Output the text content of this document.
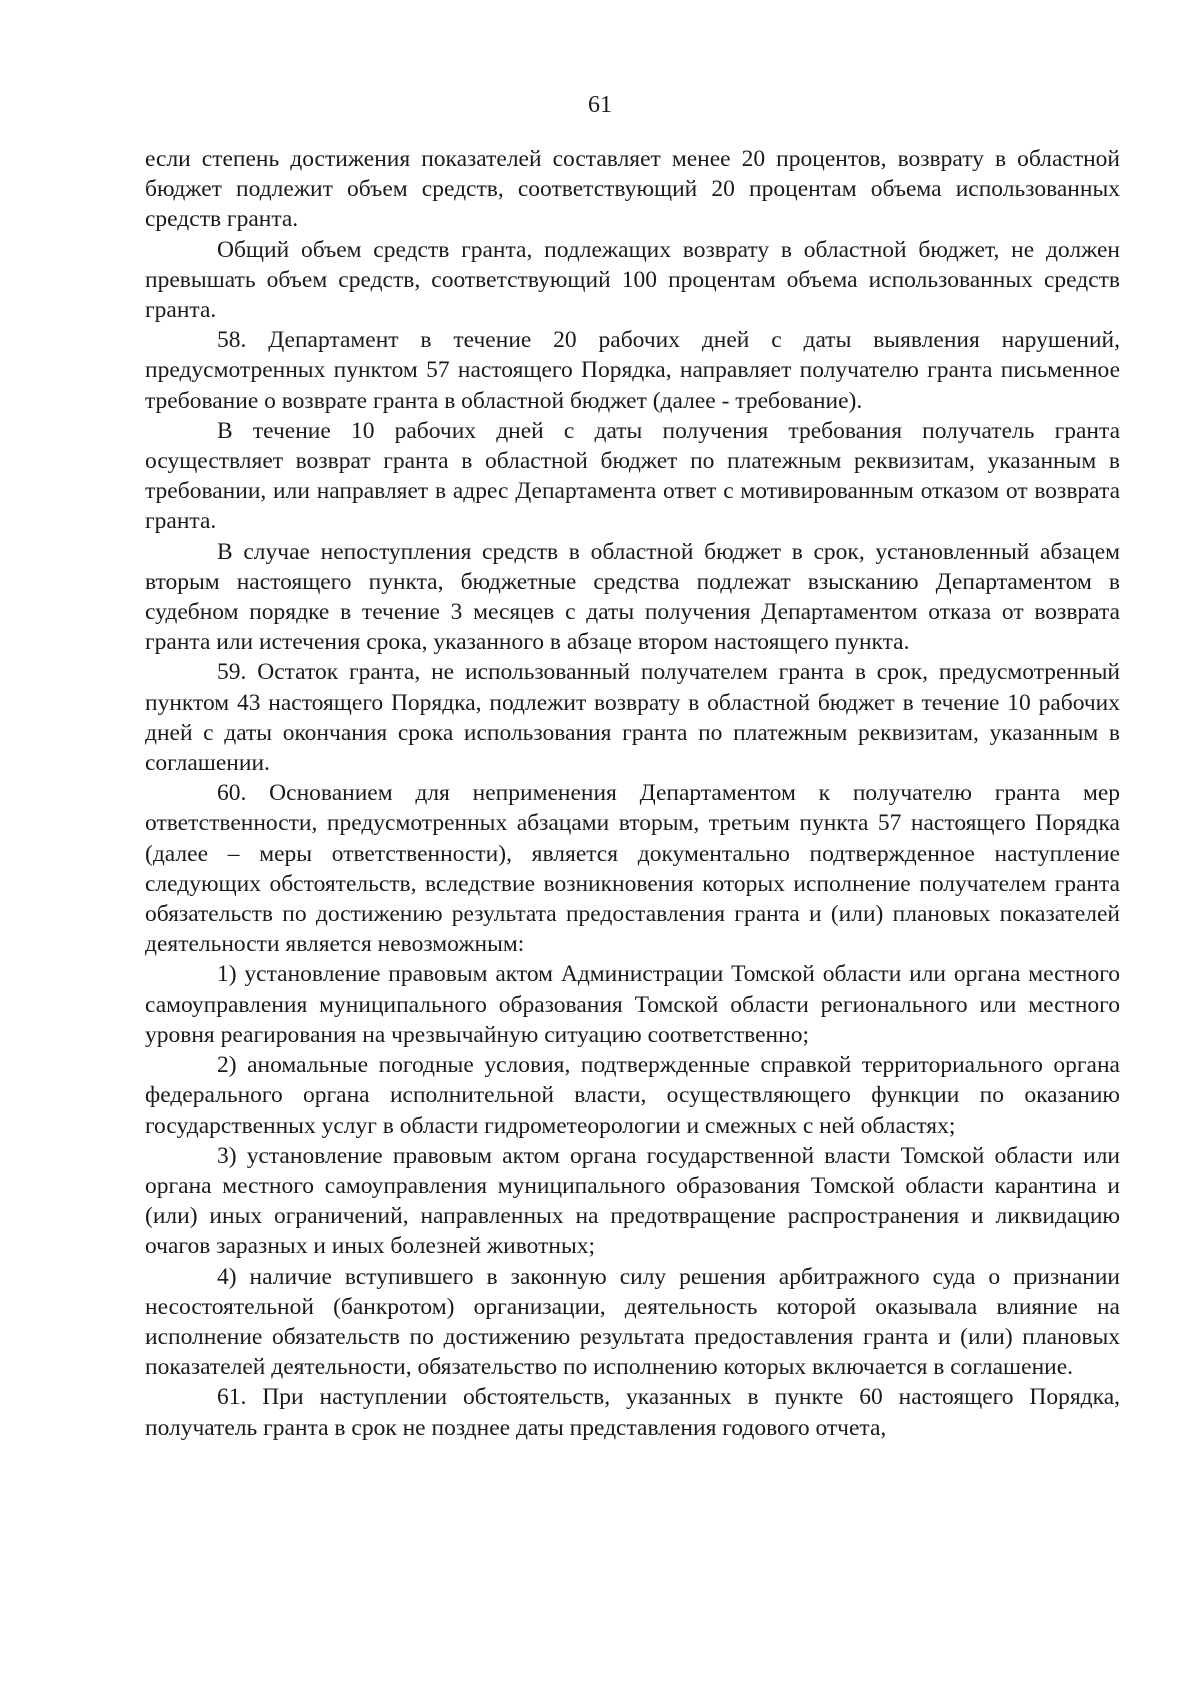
61

если степень достижения показателей составляет менее 20 процентов, возврату в областной бюджет подлежит объем средств, соответствующий 20 процентам объема использованных средств гранта.

Общий объем средств гранта, подлежащих возврату в областной бюджет, не должен превышать объем средств, соответствующий 100 процентам объема использованных средств гранта.

58. Департамент в течение 20 рабочих дней с даты выявления нарушений, предусмотренных пунктом 57 настоящего Порядка, направляет получателю гранта письменное требование о возврате гранта в областной бюджет (далее - требование).

В течение 10 рабочих дней с даты получения требования получатель гранта осуществляет возврат гранта в областной бюджет по платежным реквизитам, указанным в требовании, или направляет в адрес Департамента ответ с мотивированным отказом от возврата гранта.

В случае непоступления средств в областной бюджет в срок, установленный абзацем вторым настоящего пункта, бюджетные средства подлежат взысканию Департаментом в судебном порядке в течение 3 месяцев с даты получения Департаментом отказа от возврата гранта или истечения срока, указанного в абзаце втором настоящего пункта.

59. Остаток гранта, не использованный получателем гранта в срок, предусмотренный пунктом 43 настоящего Порядка, подлежит возврату в областной бюджет в течение 10 рабочих дней с даты окончания срока использования гранта по платежным реквизитам, указанным в соглашении.

60. Основанием для неприменения Департаментом к получателю гранта мер ответственности, предусмотренных абзацами вторым, третьим пункта 57 настоящего Порядка (далее – меры ответственности), является документально подтвержденное наступление следующих обстоятельств, вследствие возникновения которых исполнение получателем гранта обязательств по достижению результата предоставления гранта и (или) плановых показателей деятельности является невозможным:

1) установление правовым актом Администрации Томской области или органа местного самоуправления муниципального образования Томской области регионального или местного уровня реагирования на чрезвычайную ситуацию соответственно;

2) аномальные погодные условия, подтвержденные справкой территориального органа федерального органа исполнительной власти, осуществляющего функции по оказанию государственных услуг в области гидрометеорологии и смежных с ней областях;

3) установление правовым актом органа государственной власти Томской области или органа местного самоуправления муниципального образования Томской области карантина и (или) иных ограничений, направленных на предотвращение распространения и ликвидацию очагов заразных и иных болезней животных;

4) наличие вступившего в законную силу решения арбитражного суда о признании несостоятельной (банкротом) организации, деятельность которой оказывала влияние на исполнение обязательств по достижению результата предоставления гранта и (или) плановых показателей деятельности, обязательство по исполнению которых включается в соглашение.

61. При наступлении обстоятельств, указанных в пункте 60 настоящего Порядка, получатель гранта в срок не позднее даты представления годового отчета,
